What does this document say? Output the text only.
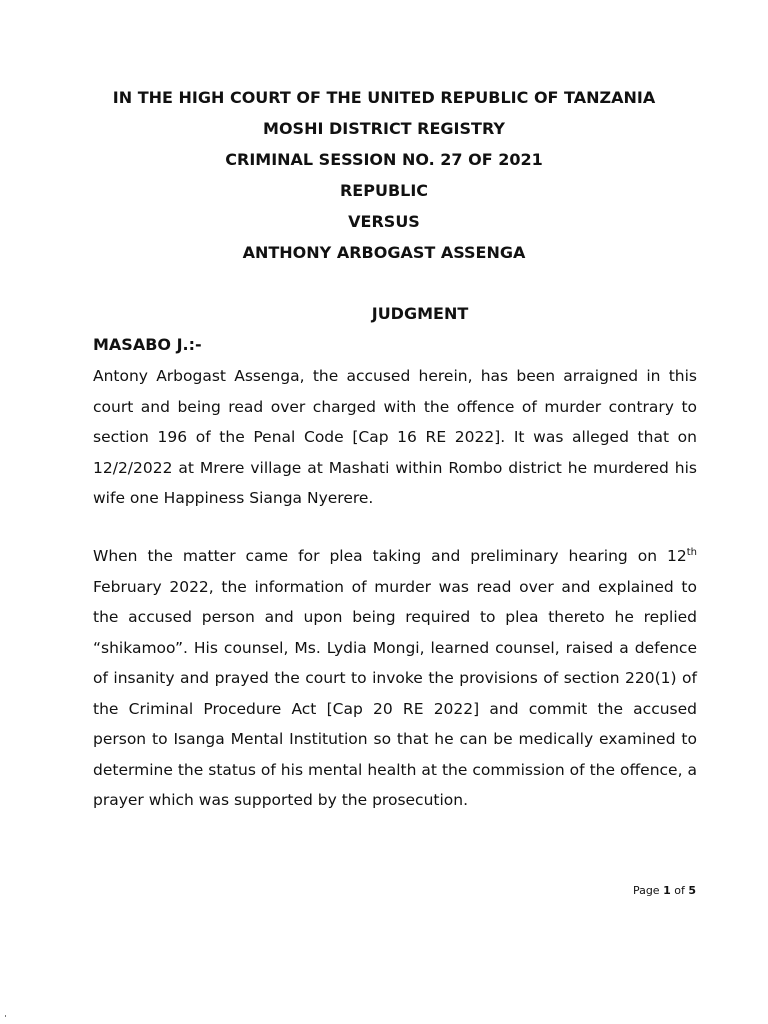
IN THE HIGH COURT OF THE UNITED REPUBLIC OF TANZANIA
MOSHI DISTRICT REGISTRY
CRIMINAL SESSION NO. 27 OF 2021
REPUBLIC
VERSUS
ANTHONY ARBOGAST ASSENGA
JUDGMENT
MASABO J.:-
Antony Arbogast Assenga, the accused herein, has been arraigned in this court and being read over charged with the offence of murder contrary to section 196 of the Penal Code [Cap 16 RE 2022]. It was alleged that on 12/2/2022 at Mrere village at Mashati within Rombo district he murdered his wife one Happiness Sianga Nyerere.
When the matter came for plea taking and preliminary hearing on 12th February 2022, the information of murder was read over and explained to the accused person and upon being required to plea thereto he replied “shikamoo”. His counsel, Ms. Lydia Mongi, learned counsel, raised a defence of insanity and prayed the court to invoke the provisions of section 220(1) of the Criminal Procedure Act [Cap 20 RE 2022] and commit the accused person to Isanga Mental Institution so that he can be medically examined to determine the status of his mental health at the commission of the offence, a prayer which was supported by the prosecution.
Page 1 of 5
